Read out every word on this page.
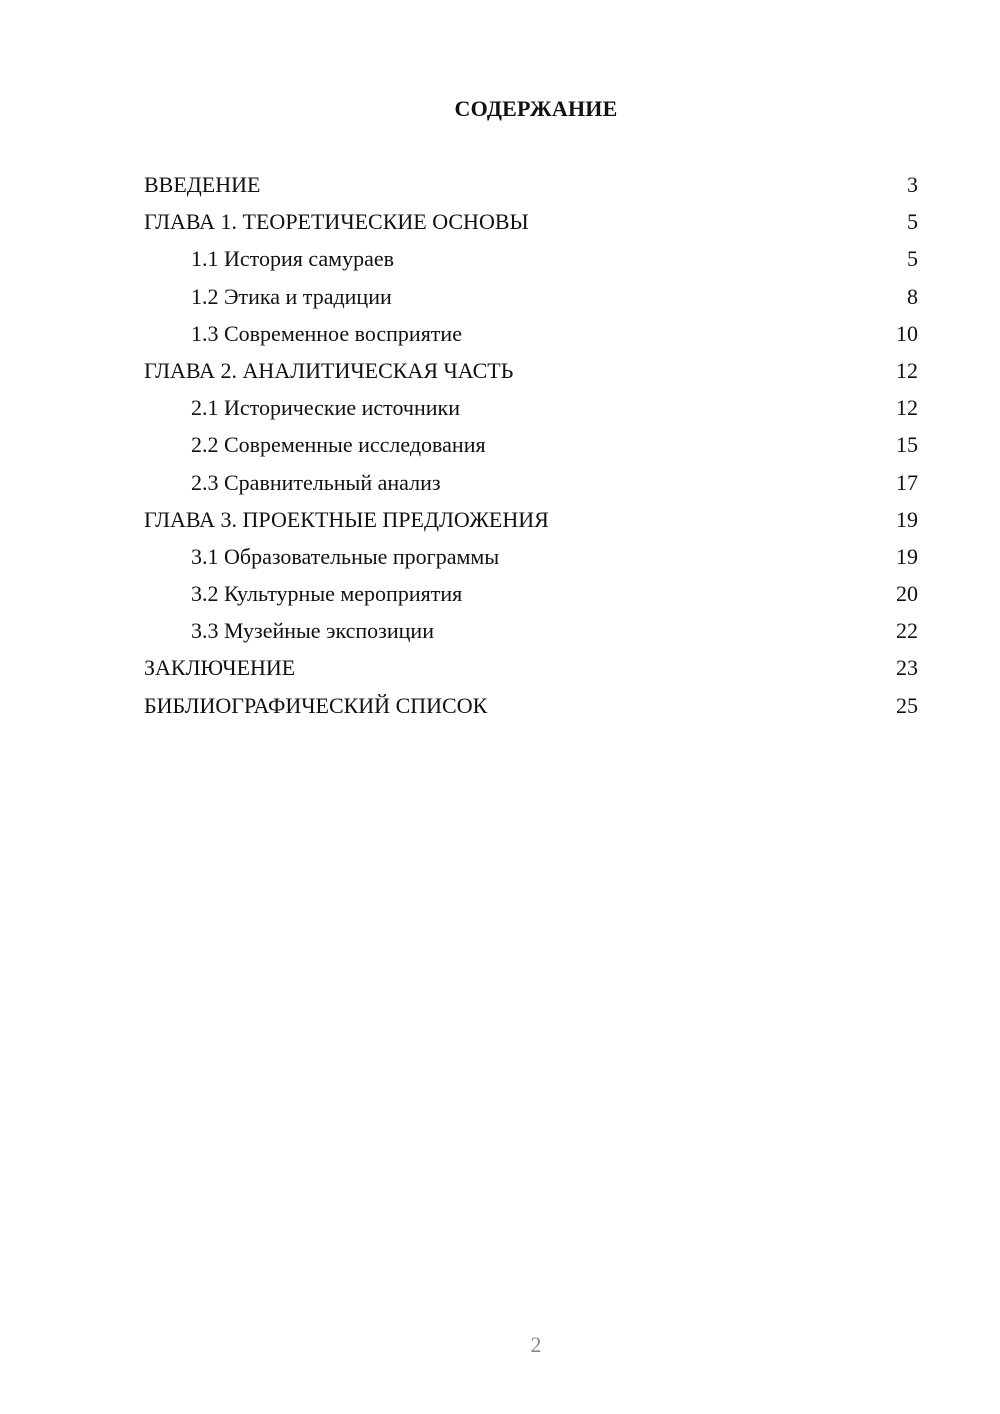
СОДЕРЖАНИЕ
ВВЕДЕНИЕ	3
ГЛАВА 1. ТЕОРЕТИЧЕСКИЕ ОСНОВЫ	5
1.1 История самураев	5
1.2 Этика и традиции	8
1.3 Современное восприятие	10
ГЛАВА 2. АНАЛИТИЧЕСКАЯ ЧАСТЬ	12
2.1 Исторические источники	12
2.2 Современные исследования	15
2.3 Сравнительный анализ	17
ГЛАВА 3. ПРОЕКТНЫЕ ПРЕДЛОЖЕНИЯ	19
3.1 Образовательные программы	19
3.2 Культурные мероприятия	20
3.3 Музейные экспозиции	22
ЗАКЛЮЧЕНИЕ	23
БИБЛИОГРАФИЧЕСКИЙ СПИСОК	25
2
